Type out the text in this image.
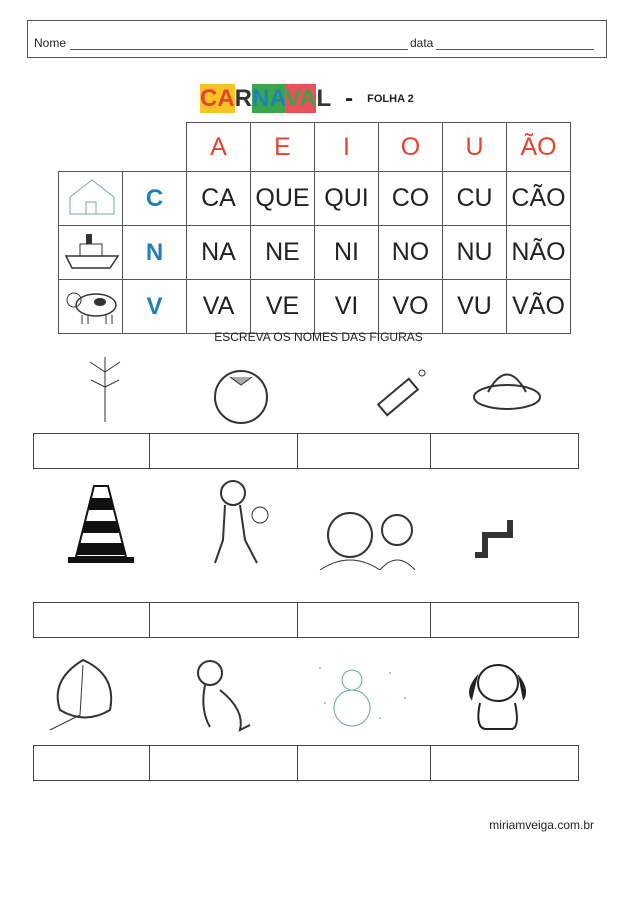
Nome	data
CARNAVAL - FOLHA 2
		A	E	I	O	U	ÃO
	C	CA	QUE	QUI	CO	CU	CÃO
	N	NA	NE	NI	NO	NU	NÃO
	V	VA	VE	VI	VO	VU	VÃO
ESCREVA OS NOMES DAS FIGURAS
miriamveiga.com.br
